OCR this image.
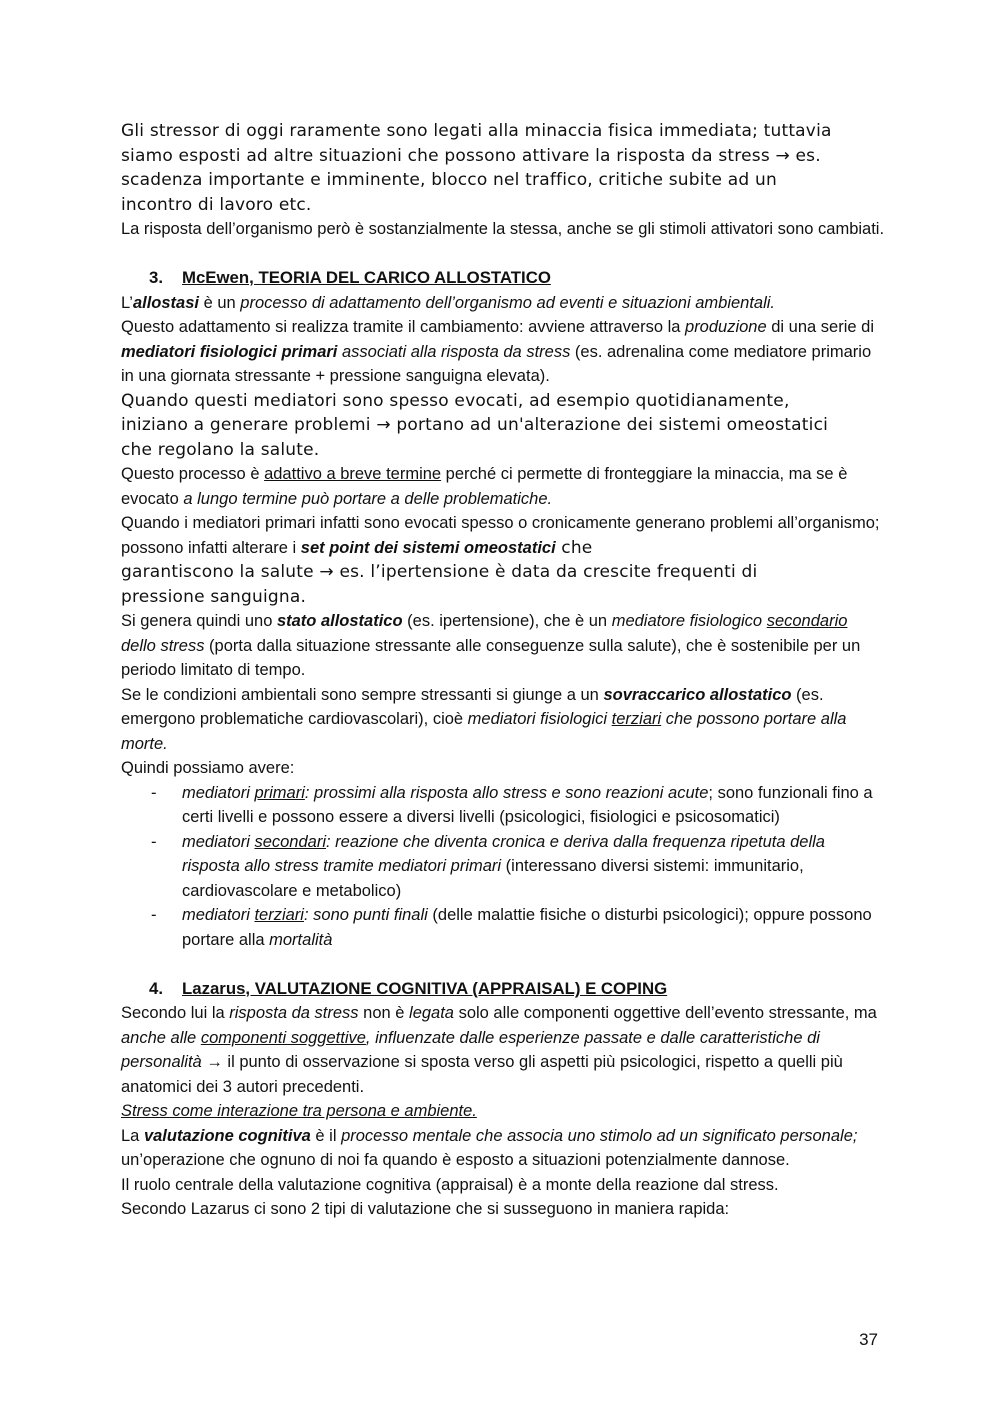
Gli stressor di oggi raramente sono legati alla minaccia fisica immediata; tuttavia
siamo esposti ad altre situazioni che possono attivare la risposta da stress → es.
scadenza importante e imminente, blocco nel traffico, critiche subite ad un
incontro di lavoro etc.

La risposta dell’organismo però è sostanzialmente la stessa, anche se gli stimoli attivatori sono cambiati.

3. McEwen, TEORIA DEL CARICO ALLOSTATICO

L’allostasi è un processo di adattamento dell’organismo ad eventi e situazioni ambientali.

Questo adattamento si realizza tramite il cambiamento: avviene attraverso la produzione di una serie di mediatori fisiologici primari associati alla risposta da stress (es. adrenalina come mediatore primario in una giornata stressante + pressione sanguigna elevata).

Quando questi mediatori sono spesso evocati, ad esempio quotidianamente,
iniziano a generare problemi → portano ad un'alterazione dei sistemi omeostatici
che regolano la salute.

Questo processo è adattivo a breve termine perché ci permette di fronteggiare la minaccia, ma se è evocato a lungo termine può portare a delle problematiche.

Quando i mediatori primari infatti sono evocati spesso o cronicamente generano problemi all’organismo; possono infatti alterare i set point dei sistemi omeostatici che
garantiscono la salute → es. l’ipertensione è data da crescite frequenti di
pressione sanguigna.

Si genera quindi uno stato allostatico (es. ipertensione), che è un mediatore fisiologico secondario dello stress (porta dalla situazione stressante alle conseguenze sulla salute), che è sostenibile per un periodo limitato di tempo.

Se le condizioni ambientali sono sempre stressanti si giunge a un sovraccarico allostatico (es. emergono problematiche cardiovascolari), cioè mediatori fisiologici terziari che possono portare alla morte.

Quindi possiamo avere:

- mediatori primari: prossimi alla risposta allo stress e sono reazioni acute; sono funzionali fino a certi livelli e possono essere a diversi livelli (psicologici, fisiologici e psicosomatici)
- mediatori secondari: reazione che diventa cronica e deriva dalla frequenza ripetuta della risposta allo stress tramite mediatori primari (interessano diversi sistemi: immunitario, cardiovascolare e metabolico)
- mediatori terziari: sono punti finali (delle malattie fisiche o disturbi psicologici); oppure possono portare alla mortalità

4. Lazarus, VALUTAZIONE COGNITIVA (APPRAISAL) E COPING

Secondo lui la risposta da stress non è legata solo alle componenti oggettive dell’evento stressante, ma anche alle componenti soggettive, influenzate dalle esperienze passate e dalle caratteristiche di personalità → il punto di osservazione si sposta verso gli aspetti più psicologici, rispetto a quelli più anatomici dei 3 autori precedenti.

Stress come interazione tra persona e ambiente.

La valutazione cognitiva è il processo mentale che associa uno stimolo ad un significato personale; un’operazione che ognuno di noi fa quando è esposto a situazioni potenzialmente dannose.

Il ruolo centrale della valutazione cognitiva (appraisal) è a monte della reazione dal stress.

Secondo Lazarus ci sono 2 tipi di valutazione che si susseguono in maniera rapida:

37
